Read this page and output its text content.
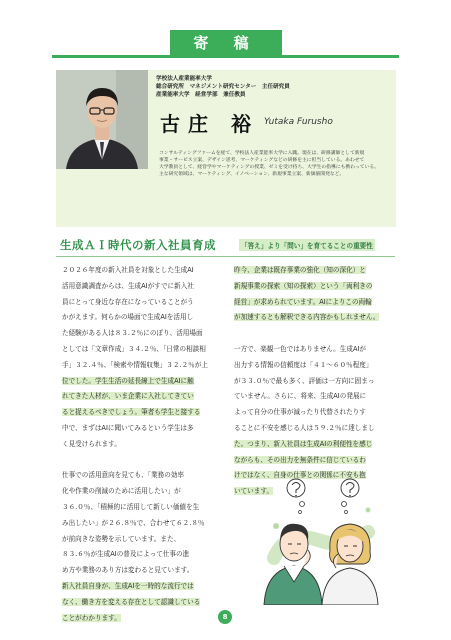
寄 稿
学校法人産業能率大学
総合研究所　マネジメント研究センター　主任研究員
産業能率大学　経営学部　兼任教員
古庄 裕 Yutaka Furusho

コンサルティングファームを経て、学校法人産業能率大学に入職。現在は、研修講師として新規

事業・サービス立案、デザイン思考、マーケティングなどの研修を主に担当している。あわせて

大学教員として、経営学やマーケティングの授業、ゼミを受け持ち、大学生の指導にも携わっている。

主な研究領域は、マーケティング、イノベーション、新規事業立案、新価値開発など。

生成ＡＩ時代の新入社員育成	「答え」より「問い」を育てることの重要性
２０２６年度の新入社員を対象とした生成AI
活用意識調査からは、生成AIがすでに新入社
員にとって身近な存在になっていることがう
かがえます。何らかの場面で生成AIを活用し
た経験がある人は８３.２％にのぼり、活用場面
としては「文章作成」３４.２％、「日常の相談相
手」３２.４％、「検索や情報収集」３２.２％が上
位でした。学生生活の延長線上で生成AIに触
れてきた人材が、いま企業に入社してきてい
ると捉えるべきでしょう。筆者も学生と接する
中で、まずはAIに聞いてみるという学生は多
く見受けられます。
仕事での活用意向を見ても、「業務の効率
化や作業の削減のために活用したい」が
３６.０％、「積極的に活用して新しい価値を生
み出したい」が２６.８％で、合わせて６２.８％
が前向きな姿勢を示しています。また、
８３.６％が生成AIの普及によって仕事の進
め方や業務のあり方は変わると見ています。
新入社員自身が、生成AIを一時的な流行では
なく、働き方を変える存在として認識している
ことがわかります。
昨今、企業は既存事業の強化（知の深化）と
新規事業の探索（知の探索）という「両利きの
経営」が求められています。AIによりこの両輪
が加速するとも解釈できる内容かもしれません。
一方で、楽観一色ではありません。生成AIが
出力する情報の信頼度は「４１～６０％程度」
が３３.０％で最も多く、評価は一方向に固まっ
ていません。さらに、将来、生成AIの発展に
よって自分の仕事が減ったり代替されたりす
ることに不安を感じる人は５９.２％に達しまし
た。つまり、新入社員は生成AIの利便性を感じ
ながらも、その出力を無条件に信じているわ
けではなく、自身の仕事との関係に不安も抱
いています。
8
